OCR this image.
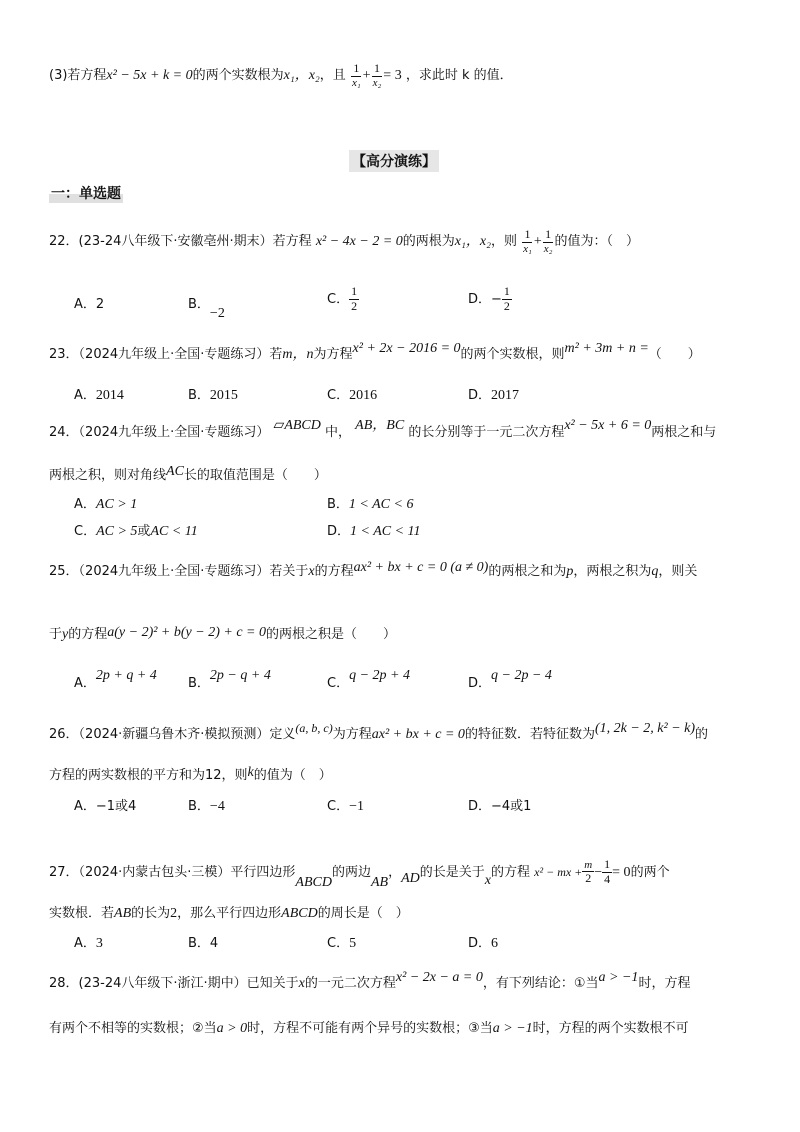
(3)若方程x² − 5x + k = 0的两个实数根为x₁，x₂，且 $\frac{1}{\text{x₁}} + \frac{1}{\text{x₂}} = 3$ ，求此时 k 的值．
【高分演练】
一：单选题
22．(23-24八年级下·安徽亳州·期末）若方程 x² − 4x − 2 = 0的两根为x₁，x₂，则 $\frac{1}{\text{x₁}} + \frac{1}{\text{x₂}}$ 的值为：（　）
A．2	B．−2
C． $\frac{1}{2}$	D．− $\frac{1}{2}$
23．（2024九年级上·全国·专题练习）若m，n为方程x² + 2x − 2016 = 0的两个实数根，则m² + 3m + n =（　　）
A．2014	B．2015	C．2016	D．2017
24．（2024九年级上·全国·专题练习） ▱ABCD 中， AB，BC 的长分别等于一元二次方程x² − 5x + 6 = 0两根之和与
两根之积，则对角线AC长的取值范围是（　　）
A．AC > 1	B．1 < AC < 6
C．AC > 5或AC < 11	D．1 < AC < 11
25．（2024九年级上·全国·专题练习）若关于x的方程ax² + bx + c = 0 (a ≠ 0)的两根之和为p，两根之积为q，则关
于y的方程a(y − 2)² + b(y − 2) + c = 0的两根之积是（　　）
A．2p + q + 4
B．2p − q + 4
C．q − 2p + 4
D．q − 2p − 4
26．（2024·新疆乌鲁木齐·模拟预测）定义(a, b, c)为方程ax² + bx + c = 0的特征数．若特征数为(1, 2k − 2, k² − k)的
方程的两实数根的平方和为12，则k的值为（　）
A．−1或4	B．−4	C．−1	D．−4或1
27．（2024·内蒙古包头·三模）平行四边形ABCD的两边AB，AD的长是关于x的方程 x² − mx + $\frac{m}{2} - \frac{1}{4} = 0$的两个
实数根．若AB的长为2，那么平行四边形ABCD的周长是（　）
A．3	B．4	C．5	D．6
28．(23-24八年级下·浙江·期中）已知关于x的一元二次方程x² − 2x − a = 0，有下列结论：①当a > −1时，方程
有两个不相等的实数根；②当a > 0时，方程不可能有两个异号的实数根；③当a > −1时，方程的两个实数根不可
